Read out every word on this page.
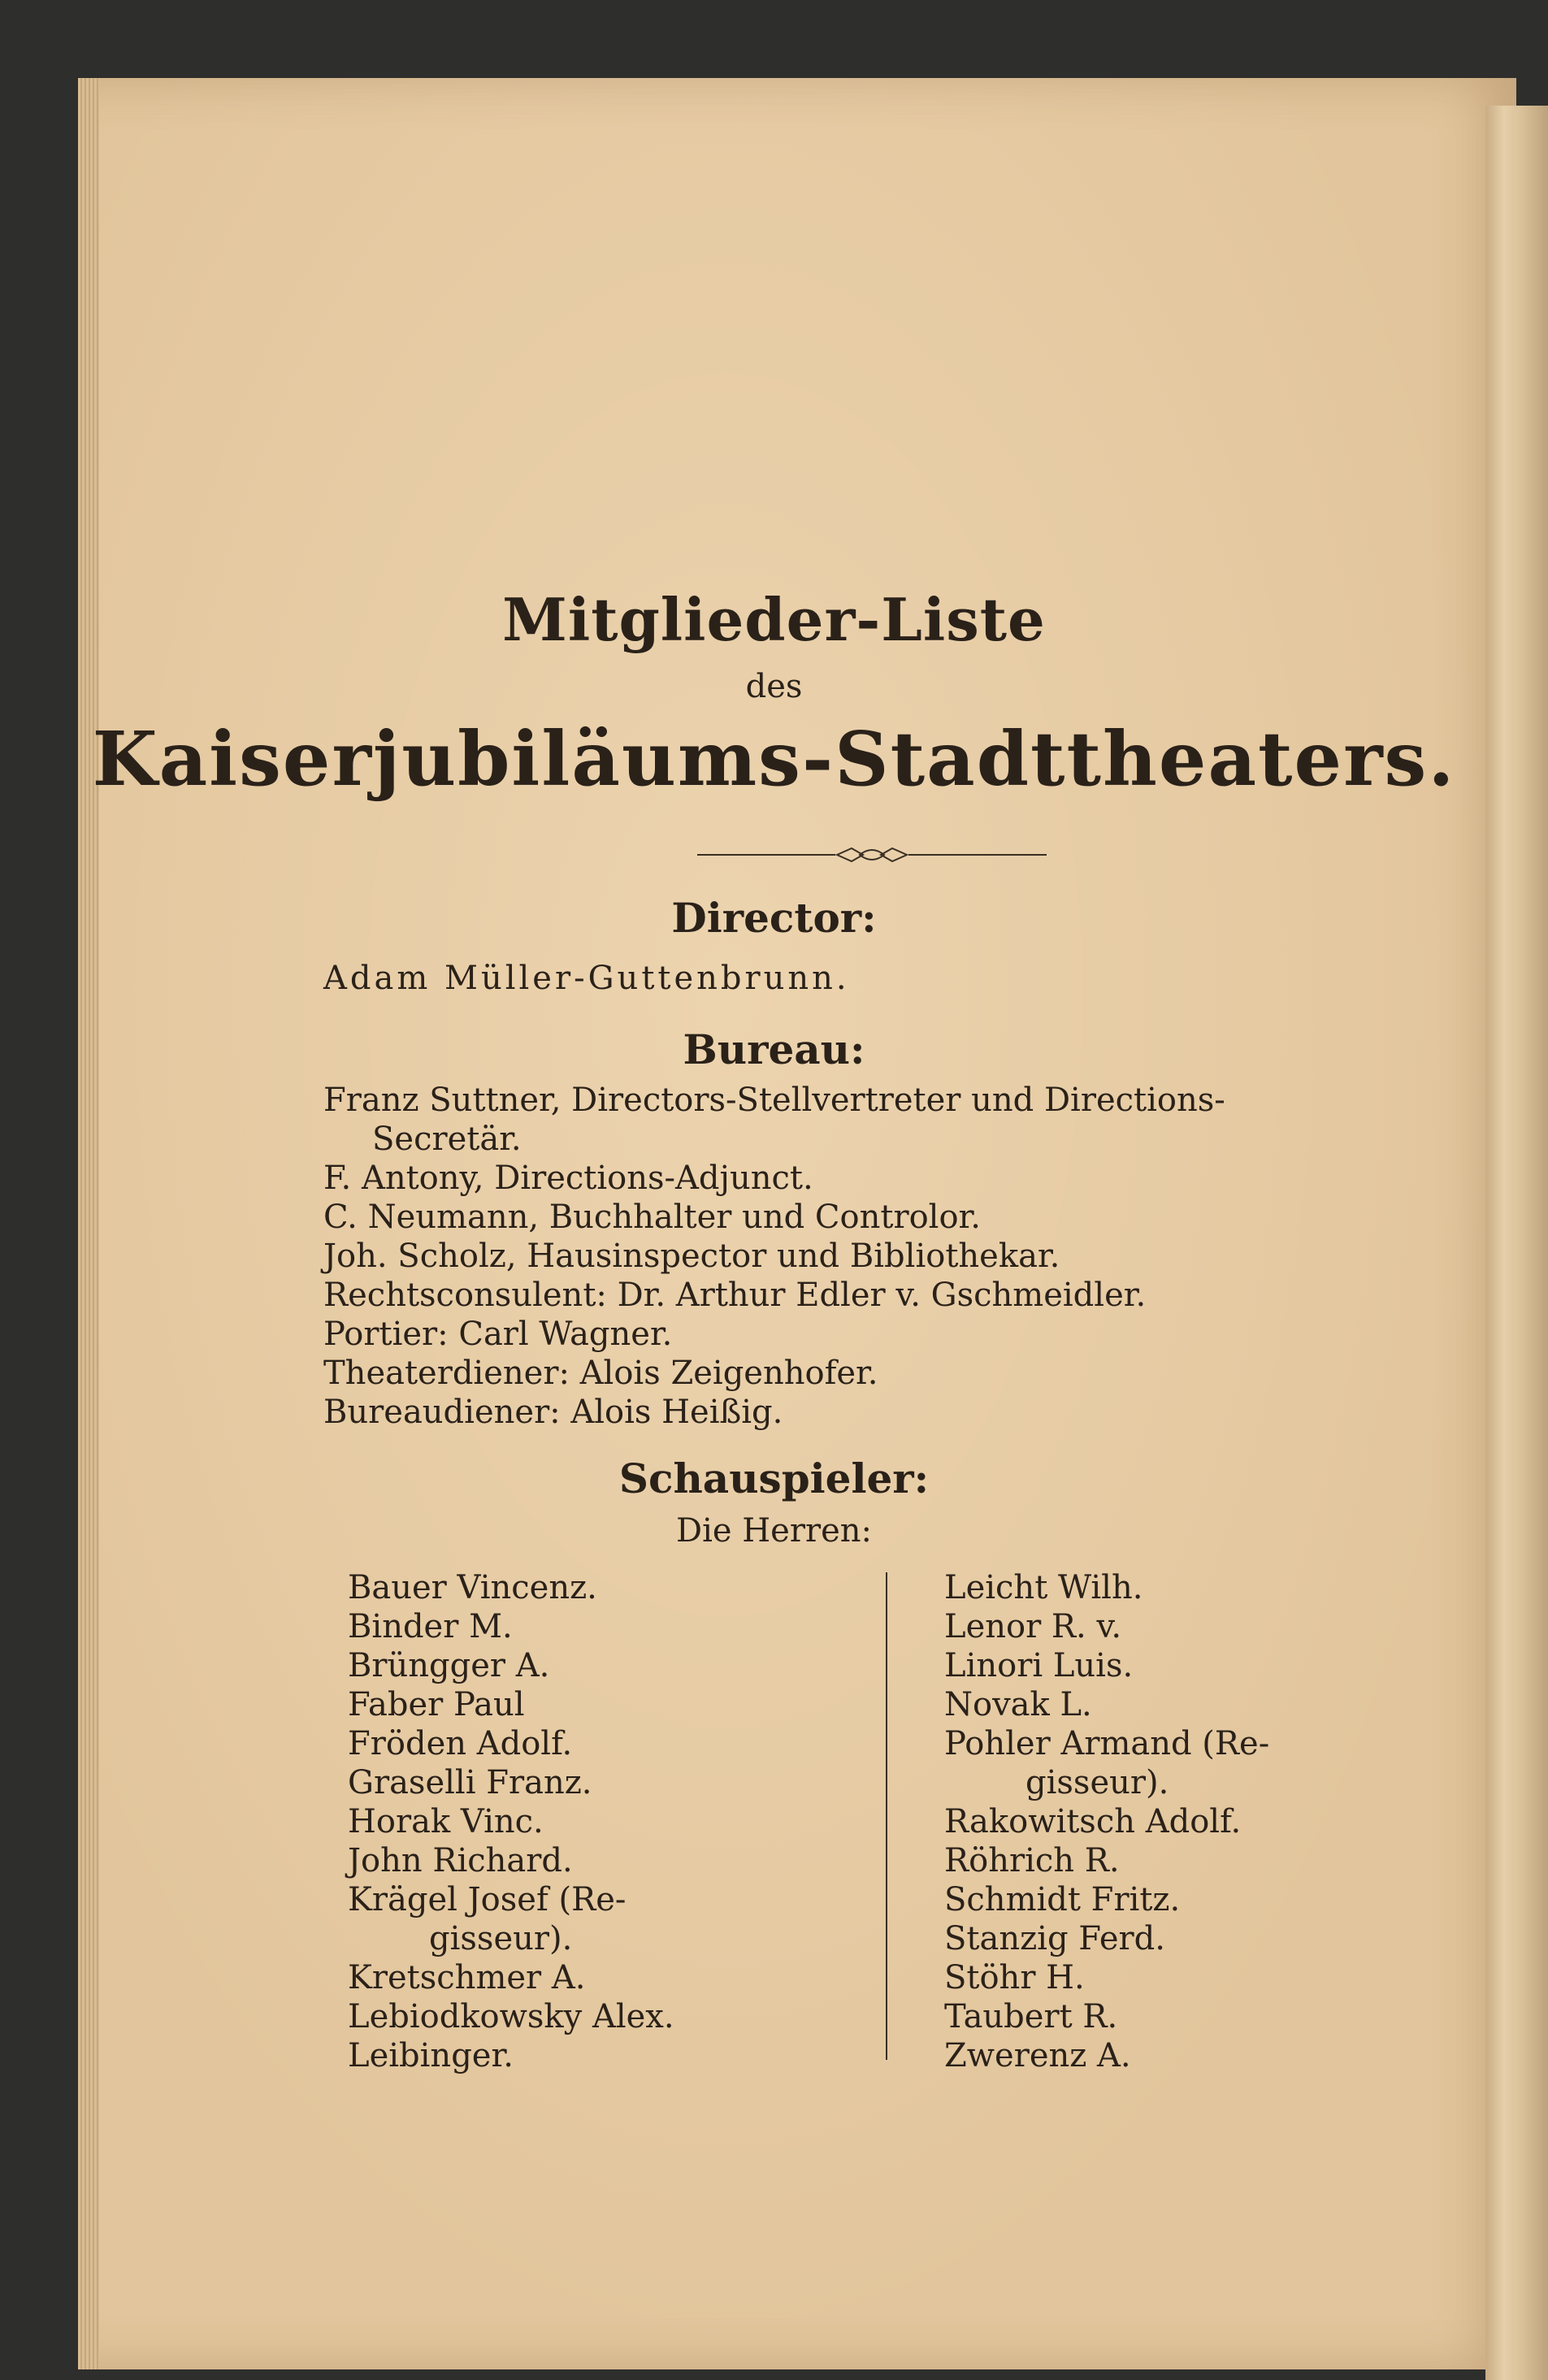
Mitglieder-Liste
des
Kaiserjubiläums-Stadttheaters.
Director:
Adam Müller-Guttenbrunn.
Bureau:
Franz Suttner, Directors-Stellvertreter und Directions-
Secretär.
F. Antony, Directions-Adjunct.
C. Neumann, Buchhalter und Controlor.
Joh. Scholz, Hausinspector und Bibliothekar.
Rechtsconsulent: Dr. Arthur Edler v. Gschmeidler.
Portier: Carl Wagner.
Theaterdiener: Alois Zeigenhofer.
Bureaudiener: Alois Heißig.
Schauspieler:
Die Herren:
Bauer Vincenz.
Binder M.
Brüngger A.
Faber Paul
Fröden Adolf.
Graselli Franz.
Horak Vinc.
John Richard.
Krägel Josef (Re-
gisseur).
Kretschmer A.
Lebiodkowsky Alex.
Leibinger.
Leicht Wilh.
Lenor R. v.
Linori Luis.
Novak L.
Pohler Armand (Re-
gisseur).
Rakowitsch Adolf.
Röhrich R.
Schmidt Fritz.
Stanzig Ferd.
Stöhr H.
Taubert R.
Zwerenz A.
